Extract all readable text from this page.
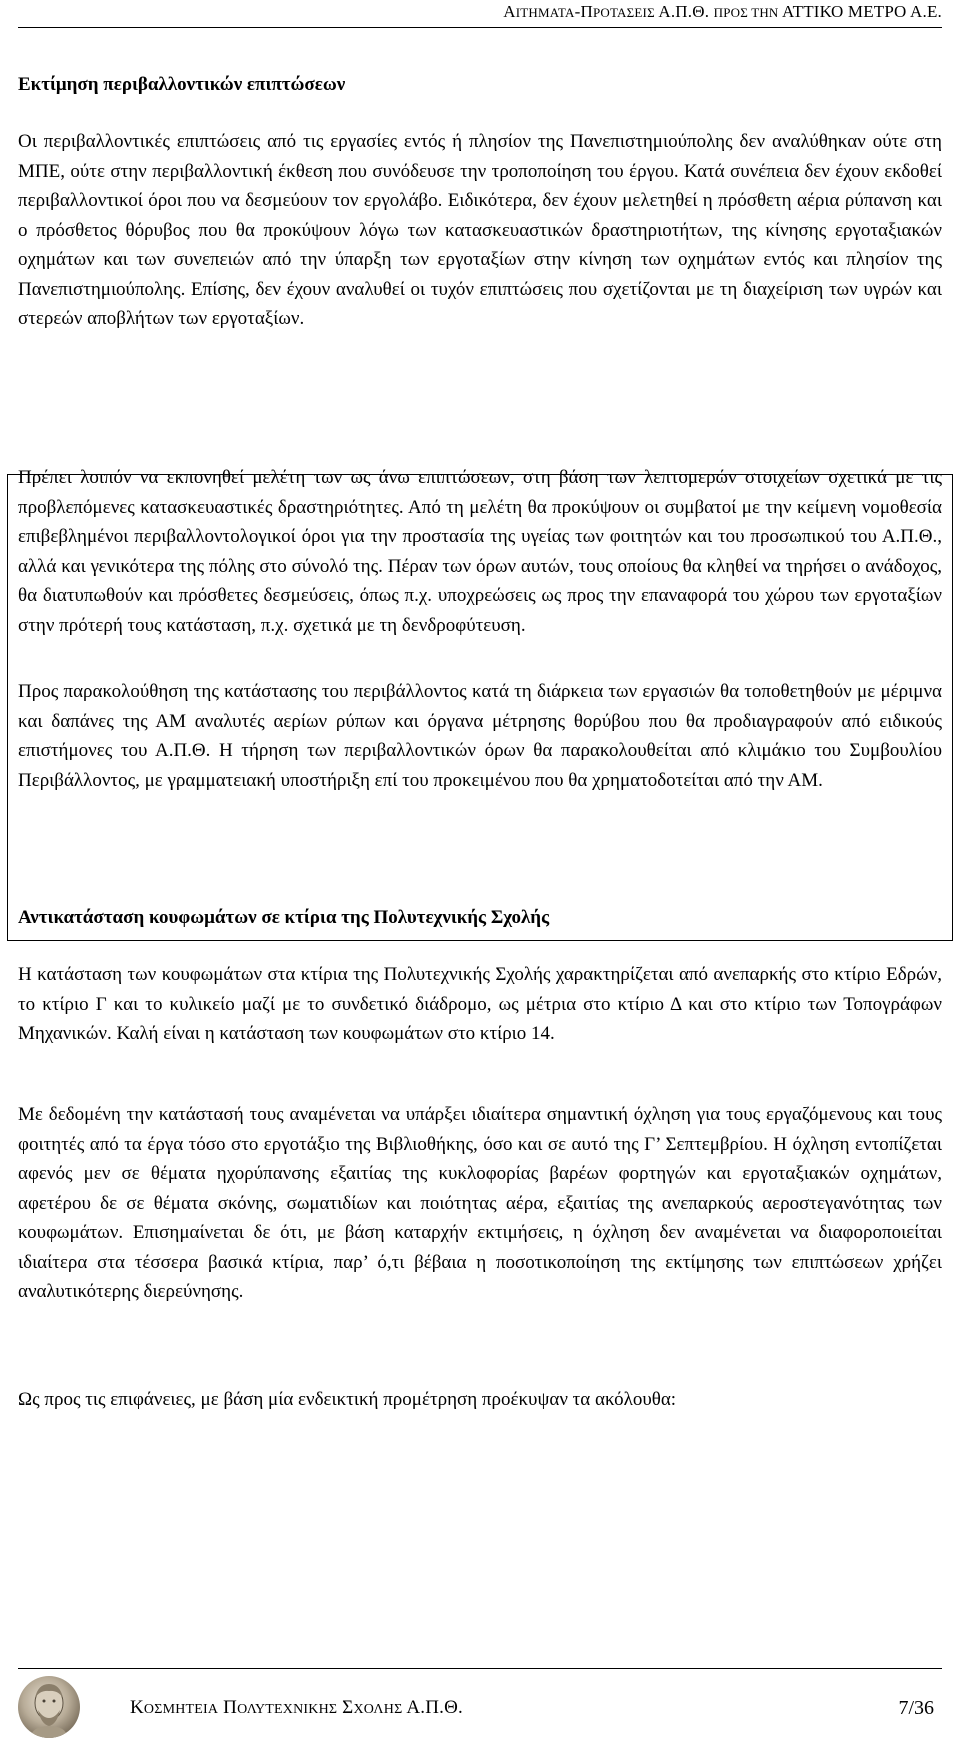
ΑΙΤΗΜΑΤΑ-ΠΡΟΤΑΣΕΙΣ Α.Π.Θ. ΠΡΟΣ ΤΗΝ ΑΤΤΙΚΟ ΜΕΤΡΟ Α.Ε.
Εκτίμηση περιβαλλοντικών επιπτώσεων

Οι περιβαλλοντικές επιπτώσεις από τις εργασίες εντός ή πλησίον της Πανεπιστημιούπολης δεν αναλύθηκαν ούτε στη ΜΠΕ, ούτε στην περιβαλλοντική έκθεση που συνόδευσε την τροποποίηση του έργου. Κατά συνέπεια δεν έχουν εκδοθεί περιβαλλοντικοί όροι που να δεσμεύουν τον εργολάβο. Ειδικότερα, δεν έχουν μελετηθεί η πρόσθετη αέρια ρύπανση και ο πρόσθετος θόρυβος που θα προκύψουν λόγω των κατασκευαστικών δραστηριοτήτων, της κίνησης εργοταξιακών οχημάτων και των συνεπειών από την ύπαρξη των εργοταξίων στην κίνηση των οχημάτων εντός και πλησίον της Πανεπιστημιούπολης. Επίσης, δεν έχουν αναλυθεί οι τυχόν επιπτώσεις που σχετίζονται με τη διαχείριση των υγρών και στερεών αποβλήτων των εργοταξίων.

Πρέπει λοιπόν να εκπονηθεί μελέτη των ως άνω επιπτώσεων, στη βάση των λεπτομερών στοιχείων σχετικά με τις προβλεπόμενες κατασκευαστικές δραστηριότητες. Από τη μελέτη θα προκύψουν οι συμβατοί με την κείμενη νομοθεσία επιβεβλημένοι περιβαλλοντολογικοί όροι για την προστασία της υγείας των φοιτητών και του προσωπικού του Α.Π.Θ., αλλά και γενικότερα της πόλης στο σύνολό της. Πέραν των όρων αυτών, τους οποίους θα κληθεί να τηρήσει ο ανάδοχος, θα διατυπωθούν και πρόσθετες δεσμεύσεις, όπως π.χ. υποχρεώσεις ως προς την επαναφορά του χώρου των εργοταξίων στην πρότερή τους κατάσταση, π.χ. σχετικά με τη δενδροφύτευση.

Προς παρακολούθηση της κατάστασης του περιβάλλοντος κατά τη διάρκεια των εργασιών θα τοποθετηθούν με μέριμνα και δαπάνες της ΑΜ αναλυτές αερίων ρύπων και όργανα μέτρησης θορύβου που θα προδιαγραφούν από ειδικούς επιστήμονες του Α.Π.Θ. Η τήρηση των περιβαλλοντικών όρων θα παρακολουθείται από κλιμάκιο του Συμβουλίου Περιβάλλοντος, με γραμματειακή υποστήριξη επί του προκειμένου που θα χρηματοδοτείται από την ΑΜ.

Αντικατάσταση κουφωμάτων σε κτίρια της Πολυτεχνικής Σχολής

Η κατάσταση των κουφωμάτων στα κτίρια της Πολυτεχνικής Σχολής χαρακτηρίζεται από ανεπαρκής στο κτίριο Εδρών, το κτίριο Γ και το κυλικείο μαζί με το συνδετικό διάδρομο, ως μέτρια στο κτίριο Δ και στο κτίριο των Τοπογράφων Μηχανικών. Καλή είναι η κατάσταση των κουφωμάτων στο κτίριο 14.

Με δεδομένη την κατάστασή τους αναμένεται να υπάρξει ιδιαίτερα σημαντική όχληση για τους εργαζόμενους και τους φοιτητές από τα έργα τόσο στο εργοτάξιο της Βιβλιοθήκης, όσο και σε αυτό της Γ’ Σεπτεμβρίου. Η όχληση εντοπίζεται αφενός μεν σε θέματα ηχορύπανσης εξαιτίας της κυκλοφορίας βαρέων φορτηγών και εργοταξιακών οχημάτων, αφετέρου δε σε θέματα σκόνης, σωματιδίων και ποιότητας αέρα, εξαιτίας της ανεπαρκούς αεροστεγανότητας των κουφωμάτων. Επισημαίνεται δε ότι, με βάση καταρχήν εκτιμήσεις, η όχληση δεν αναμένεται να διαφοροποιείται ιδιαίτερα στα τέσσερα βασικά κτίρια, παρ’ ό,τι βέβαια η ποσοτικοποίηση της εκτίμησης των επιπτώσεων χρήζει αναλυτικότερης διερεύνησης.

Ως προς τις επιφάνειες, με βάση μία ενδεικτική προμέτρηση προέκυψαν τα ακόλουθα:

ΚΟΣΜΗΤΕΙΑ ΠΟΛΥΤΕΧΝΙΚΗΣ ΣΧΟΛΗΣ Α.Π.Θ.	7/36
